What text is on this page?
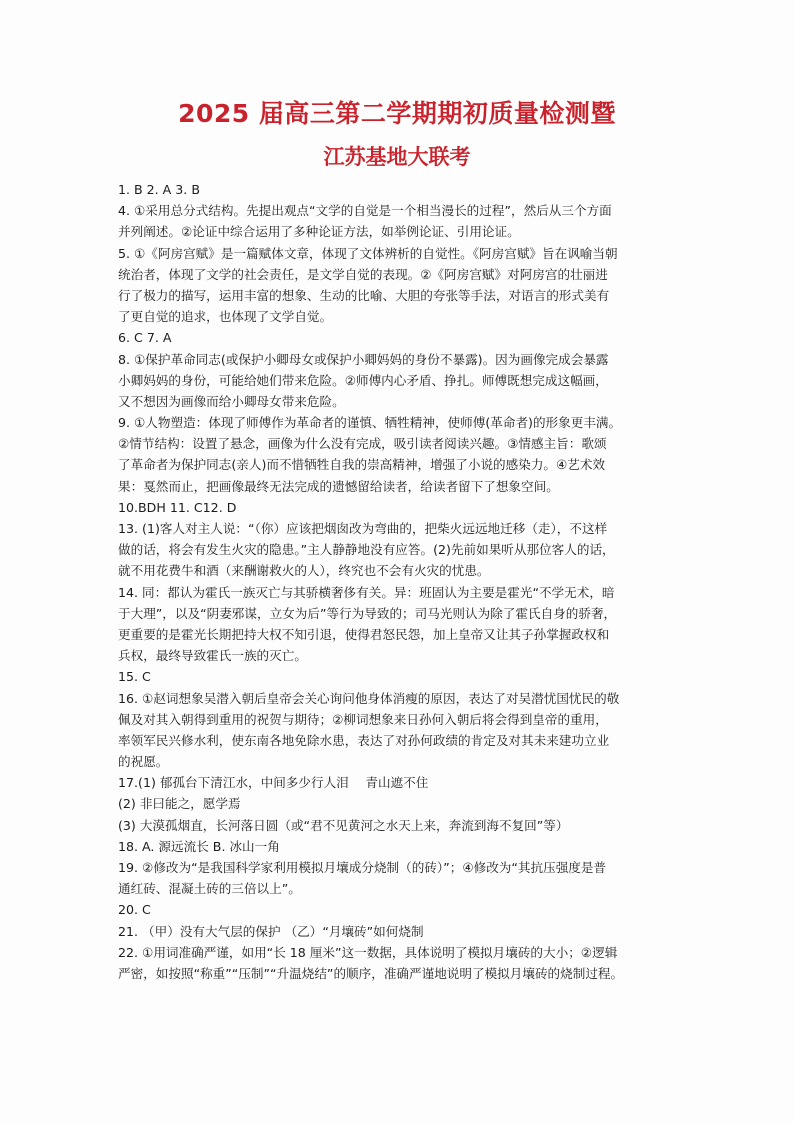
2025 届高三第二学期期初质量检测暨
江苏基地大联考
1. B 2. A 3. B
4. ①采用总分式结构。先提出观点“文学的自觉是一个相当漫长的过程”，然后从三个方面
并列阐述。②论证中综合运用了多种论证方法，如举例论证、引用论证。
5. ①《阿房宫赋》是一篇赋体文章，体现了文体辨析的自觉性。《阿房宫赋》旨在讽喻当朝
统治者，体现了文学的社会责任，是文学自觉的表现。②《阿房宫赋》对阿房宫的壮丽进
行了极力的描写，运用丰富的想象、生动的比喻、大胆的夸张等手法，对语言的形式美有
了更自觉的追求，也体现了文学自觉。
6. C 7. A
8. ①保护革命同志(或保护小卿母女或保护小卿妈妈的身份不暴露)。因为画像完成会暴露
小卿妈妈的身份，可能给她们带来危险。②师傅内心矛盾、挣扎。师傅既想完成这幅画，
又不想因为画像而给小卿母女带来危险。
9. ①人物塑造：体现了师傅作为革命者的谨慎、牺牲精神，使师傅(革命者)的形象更丰满。
②情节结构：设置了悬念，画像为什么没有完成，吸引读者阅读兴趣。③情感主旨：歌颂
了革命者为保护同志(亲人)而不惜牺牲自我的崇高精神，增强了小说的感染力。④艺术效
果：戛然而止，把画像最终无法完成的遗憾留给读者，给读者留下了想象空间。
10.BDH 11. C12. D
13. (1)客人对主人说：“（你）应该把烟囱改为弯曲的，把柴火远远地迁移（走），不这样
做的话，将会有发生火灾的隐患。”主人静静地没有应答。(2)先前如果听从那位客人的话，
就不用花费牛和酒（来酬谢救火的人），终究也不会有火灾的忧患。
14. 同：都认为霍氏一族灭亡与其骄横奢侈有关。异：班固认为主要是霍光“不学无术，暗
于大理”，以及“阴妻邪谋，立女为后”等行为导致的；司马光则认为除了霍氏自身的骄奢，
更重要的是霍光长期把持大权不知引退，使得君怒民怨，加上皇帝又让其子孙掌握政权和
兵权，最终导致霍氏一族的灭亡。
15. C
16. ①赵词想象吴潜入朝后皇帝会关心询问他身体消瘦的原因，表达了对吴潜忧国忧民的敬
佩及对其入朝得到重用的祝贺与期待；②柳词想象来日孙何入朝后将会得到皇帝的重用，
率领军民兴修水利，使东南各地免除水患，表达了对孙何政绩的肯定及对其未来建功立业
的祝愿。
17.(1) 郁孤台下清江水，中间多少行人泪　 青山遮不住
(2) 非曰能之，愿学焉
(3) 大漠孤烟直，长河落日圆（或“君不见黄河之水天上来，奔流到海不复回”等）
18. A. 源远流长 B. 冰山一角
19. ②修改为“是我国科学家利用模拟月壤成分烧制（的砖）”；④修改为“其抗压强度是普
通红砖、混凝土砖的三倍以上”。
20. C
21. （甲）没有大气层的保护 （乙）“月壤砖”如何烧制
22. ①用词准确严谨，如用“长 18 厘米”这一数据，具体说明了模拟月壤砖的大小；②逻辑
严密，如按照“称重”“压制”“升温烧结”的顺序，准确严谨地说明了模拟月壤砖的烧制过程。
